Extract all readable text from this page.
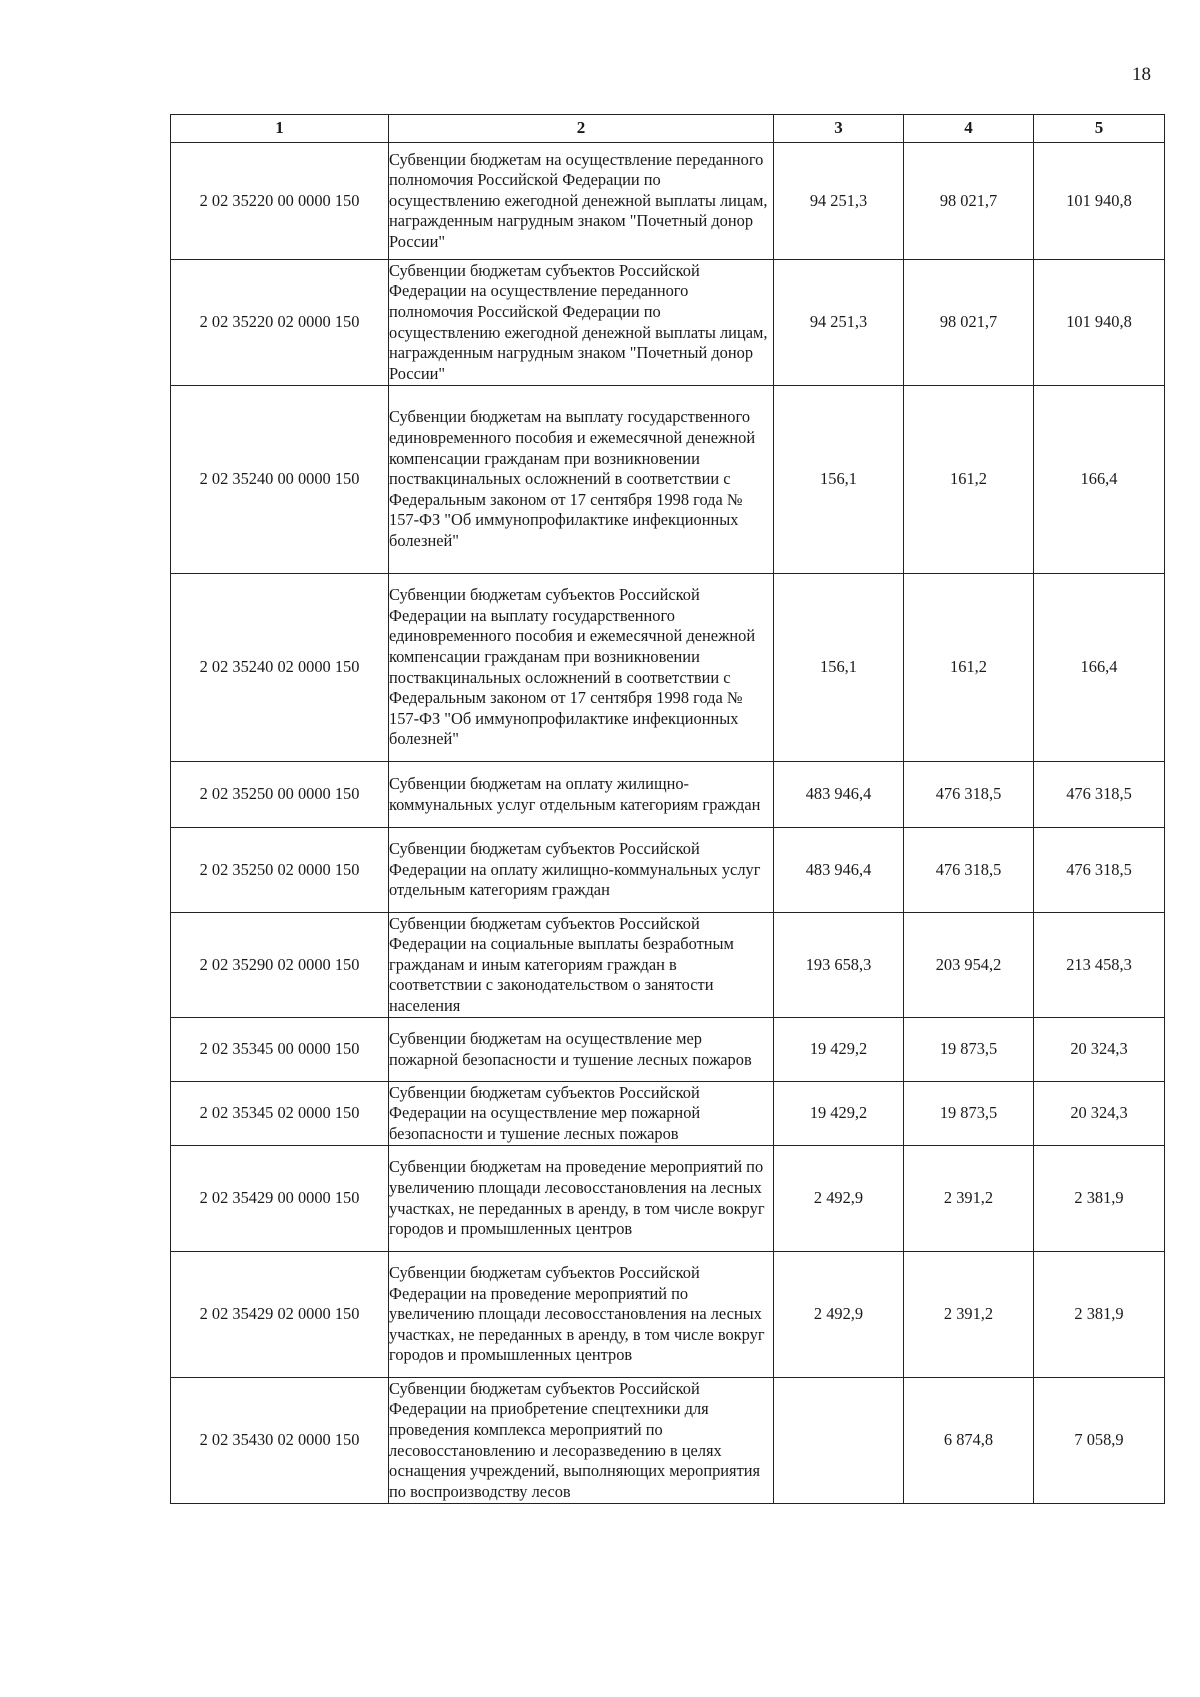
18
1	2	3	4	5
2 02 35220 00 0000 150	Субвенции бюджетам на осуществление переданного полномочия Российской Федерации по осуществлению ежегодной денежной выплаты лицам, награжденным нагрудным знаком "Почетный донор России"	94 251,3	98 021,7	101 940,8
2 02 35220 02 0000 150	Субвенции бюджетам субъектов Российской Федерации на осуществление переданного полномочия Российской Федерации по осуществлению ежегодной денежной выплаты лицам, награжденным нагрудным знаком "Почетный донор России"	94 251,3	98 021,7	101 940,8
2 02 35240 00 0000 150	Субвенции бюджетам на выплату государственного единовременного пособия и ежемесячной денежной компенсации гражданам при возникновении поствакцинальных осложнений в соответствии с Федеральным законом от 17 сентября 1998 года № 157-ФЗ "Об иммунопрофилактике инфекционных болезней"	156,1	161,2	166,4
2 02 35240 02 0000 150	Субвенции бюджетам субъектов Российской Федерации на выплату государственного единовременного пособия и ежемесячной денежной компенсации гражданам при возникновении поствакцинальных осложнений в соответствии с Федеральным законом от 17 сентября 1998 года № 157-ФЗ "Об иммунопрофилактике инфекционных болезней"	156,1	161,2	166,4
2 02 35250 00 0000 150	Субвенции бюджетам на оплату жилищно-коммунальных услуг отдельным категориям граждан	483 946,4	476 318,5	476 318,5
2 02 35250 02 0000 150	Субвенции бюджетам субъектов Российской Федерации на оплату жилищно-коммунальных услуг отдельным категориям граждан	483 946,4	476 318,5	476 318,5
2 02 35290 02 0000 150	Субвенции бюджетам субъектов Российской Федерации на социальные выплаты безработным гражданам и иным категориям граждан в соответствии с законодательством о занятости населения	193 658,3	203 954,2	213 458,3
2 02 35345 00 0000 150	Субвенции бюджетам на осуществление мер пожарной безопасности и тушение лесных пожаров	19 429,2	19 873,5	20 324,3
2 02 35345 02 0000 150	Субвенции бюджетам субъектов Российской Федерации на осуществление мер пожарной безопасности и тушение лесных пожаров	19 429,2	19 873,5	20 324,3
2 02 35429 00 0000 150	Субвенции бюджетам на проведение мероприятий по увеличению площади лесовосстановления на лесных участках, не переданных в аренду, в том числе вокруг городов и промышленных центров	2 492,9	2 391,2	2 381,9
2 02 35429 02 0000 150	Субвенции бюджетам субъектов Российской Федерации на проведение мероприятий по увеличению площади лесовосстановления на лесных участках, не переданных в аренду, в том числе вокруг городов и промышленных центров	2 492,9	2 391,2	2 381,9
2 02 35430 02 0000 150	Субвенции бюджетам субъектов Российской Федерации на приобретение спецтехники для проведения комплекса мероприятий по лесовосстановлению и лесоразведению в целях оснащения учреждений, выполняющих мероприятия по воспроизводству лесов		6 874,8	7 058,9
